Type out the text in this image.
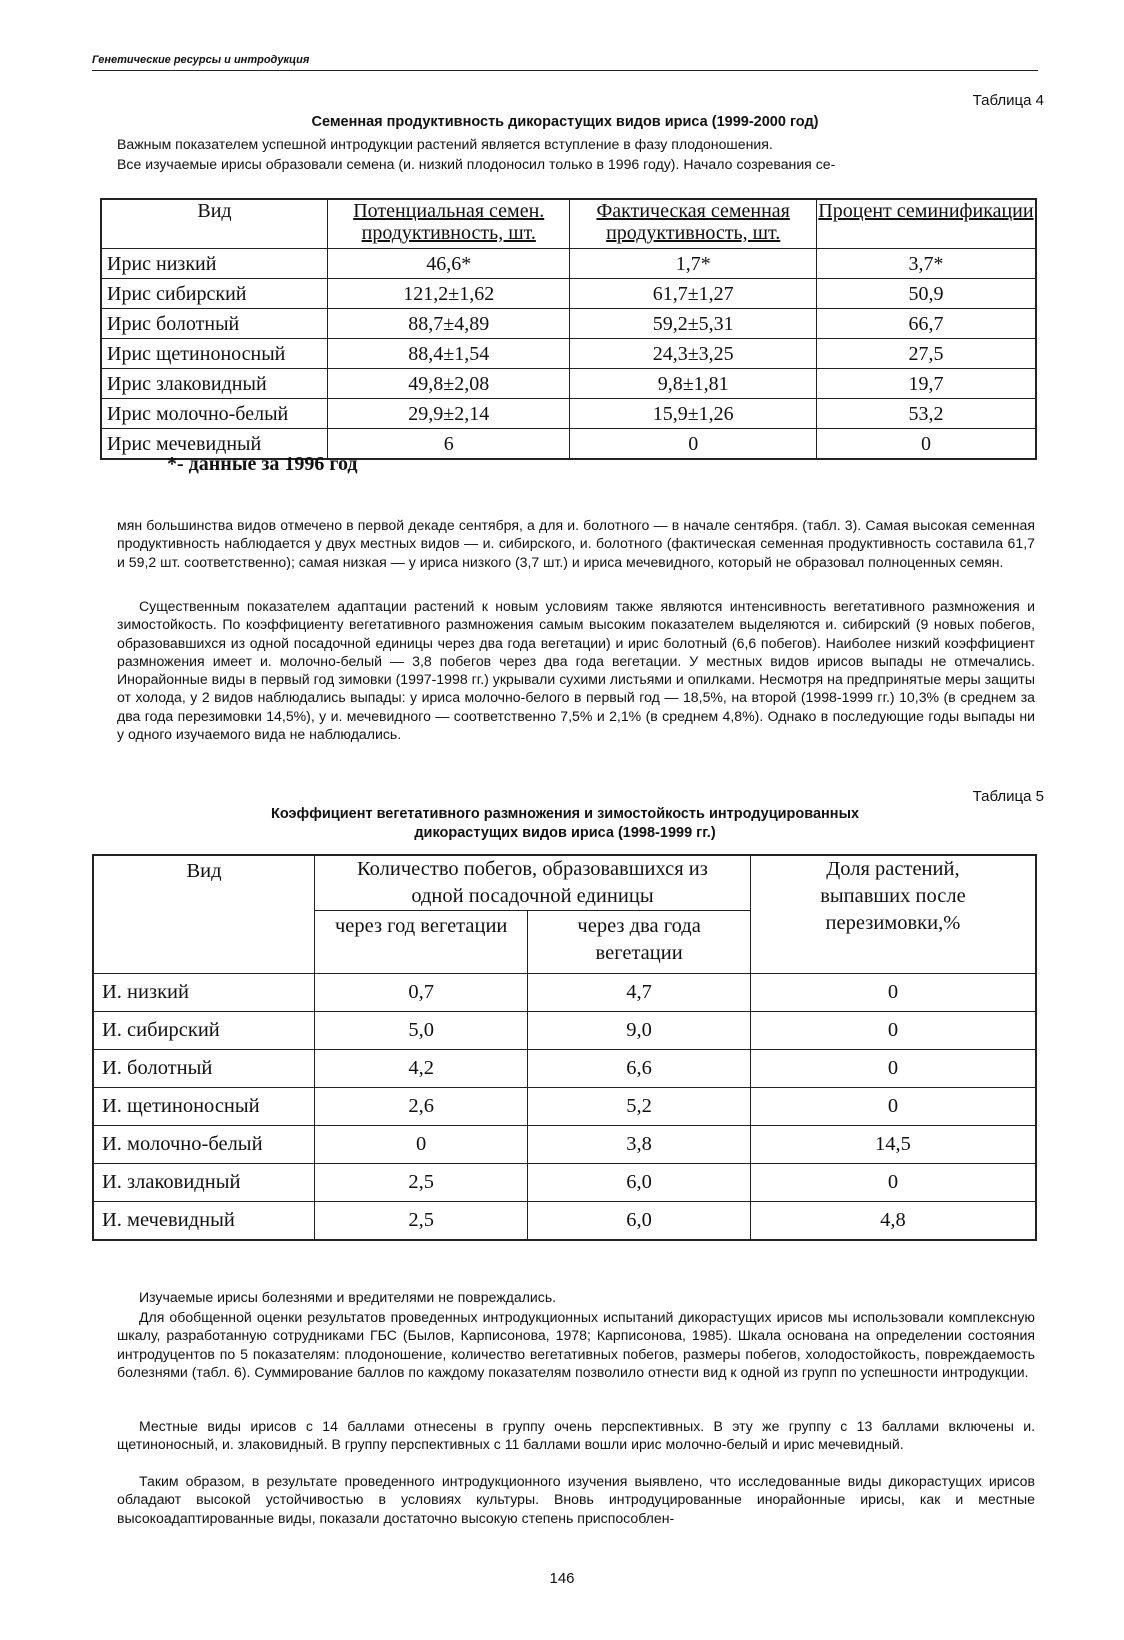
Генетические ресурсы и интродукция
Таблица 4
Семенная продуктивность дикорастущих видов ириса (1999-2000 год)

Важным показателем успешной интродукции растений является вступление в фазу плодоношения.

Все изучаемые ирисы образовали семена (и. низкий плодоносил только в 1996 году). Начало созревания се-

Вид	Потенциальная семен. продуктивность, шт.	Фактическая семенная продуктивность, шт.	Процент семинификации
Ирис низкий	46,6*	1,7*	3,7*
Ирис сибирский	121,2±1,62	61,7±1,27	50,9
Ирис болотный	88,7±4,89	59,2±5,31	66,7
Ирис щетиноносный	88,4±1,54	24,3±3,25	27,5
Ирис злаковидный	49,8±2,08	9,8±1,81	19,7
Ирис молочно-белый	29,9±2,14	15,9±1,26	53,2
Ирис мечевидный	6	0	0
*- данные за 1996 год

мян большинства видов отмечено в первой декаде сентября, а для и. болотного — в начале сентября. (табл. 3). Самая высокая семенная продуктивность наблюдается у двух местных видов — и. сибирского, и. болотного (фактическая семенная продуктивность составила 61,7 и 59,2 шт. соответственно); самая низкая — у ириса низкого (3,7 шт.) и ириса мечевидного, который не образовал полноценных семян.

Существенным показателем адаптации растений к новым условиям также являются интенсивность вегетативного размножения и зимостойкость. По коэффициенту вегетативного размножения самым высоким показателем выделяются и. сибирский (9 новых побегов, образовавшихся из одной посадочной единицы через два года вегетации) и ирис болотный (6,6 побегов). Наиболее низкий коэффициент размножения имеет и. молочно-белый — 3,8 побегов через два года вегетации. У местных видов ирисов выпады не отмечались. Инорайонные виды в первый год зимовки (1997-1998 гг.) укрывали сухими листьями и опилками. Несмотря на предпринятые меры защиты от холода, у 2 видов наблюдались выпады: у ириса молочно-белого в первый год — 18,5%, на второй (1998-1999 гг.) 10,3% (в среднем за два года перезимовки 14,5%), у и. мечевидного — соответственно 7,5% и 2,1% (в среднем 4,8%). Однако в последующие годы выпады ни у одного изучаемого вида не наблюдались.

Таблица 5
Коэффициент вегетативного размножения и зимостойкость интродуцированных
дикорастущих видов ириса (1998-1999 гг.)
Вид	Количество побегов, образовавшихся из одной посадочной единицы		Доля растений, выпавших после перезимовки,%
	через год вегетации	через два года вегетации	
И. низкий	0,7	4,7	0
И. сибирский	5,0	9,0	0
И. болотный	4,2	6,6	0
И. щетиноносный	2,6	5,2	0
И. молочно-белый	0	3,8	14,5
И. злаковидный	2,5	6,0	0
И. мечевидный	2,5	6,0	4,8

Изучаемые ирисы болезнями и вредителями не повреждались.

Для обобщенной оценки результатов проведенных интродукционных испытаний дикорастущих ирисов мы использовали комплексную шкалу, разработанную сотрудниками ГБС (Былов, Карписонова, 1978; Карписонова, 1985). Шкала основана на определении состояния интродуцентов по 5 показателям: плодоношение, количество вегетативных побегов, размеры побегов, холодостойкость, повреждаемость болезнями (табл. 6). Суммирование баллов по каждому показателям позволило отнести вид к одной из групп по успешности интродукции.

Местные виды ирисов с 14 баллами отнесены в группу очень перспективных. В эту же группу с 13 баллами включены и. щетиноносный, и. злаковидный. В группу перспективных с 11 баллами вошли ирис молочно-белый и ирис мечевидный.

Таким образом, в результате проведенного интродукционного изучения выявлено, что исследованные виды дикорастущих ирисов обладают высокой устойчивостью в условиях культуры. Вновь интродуцированные инорайонные ирисы, как и местные высокоадаптированные виды, показали достаточно высокую степень приспособлен-

146
